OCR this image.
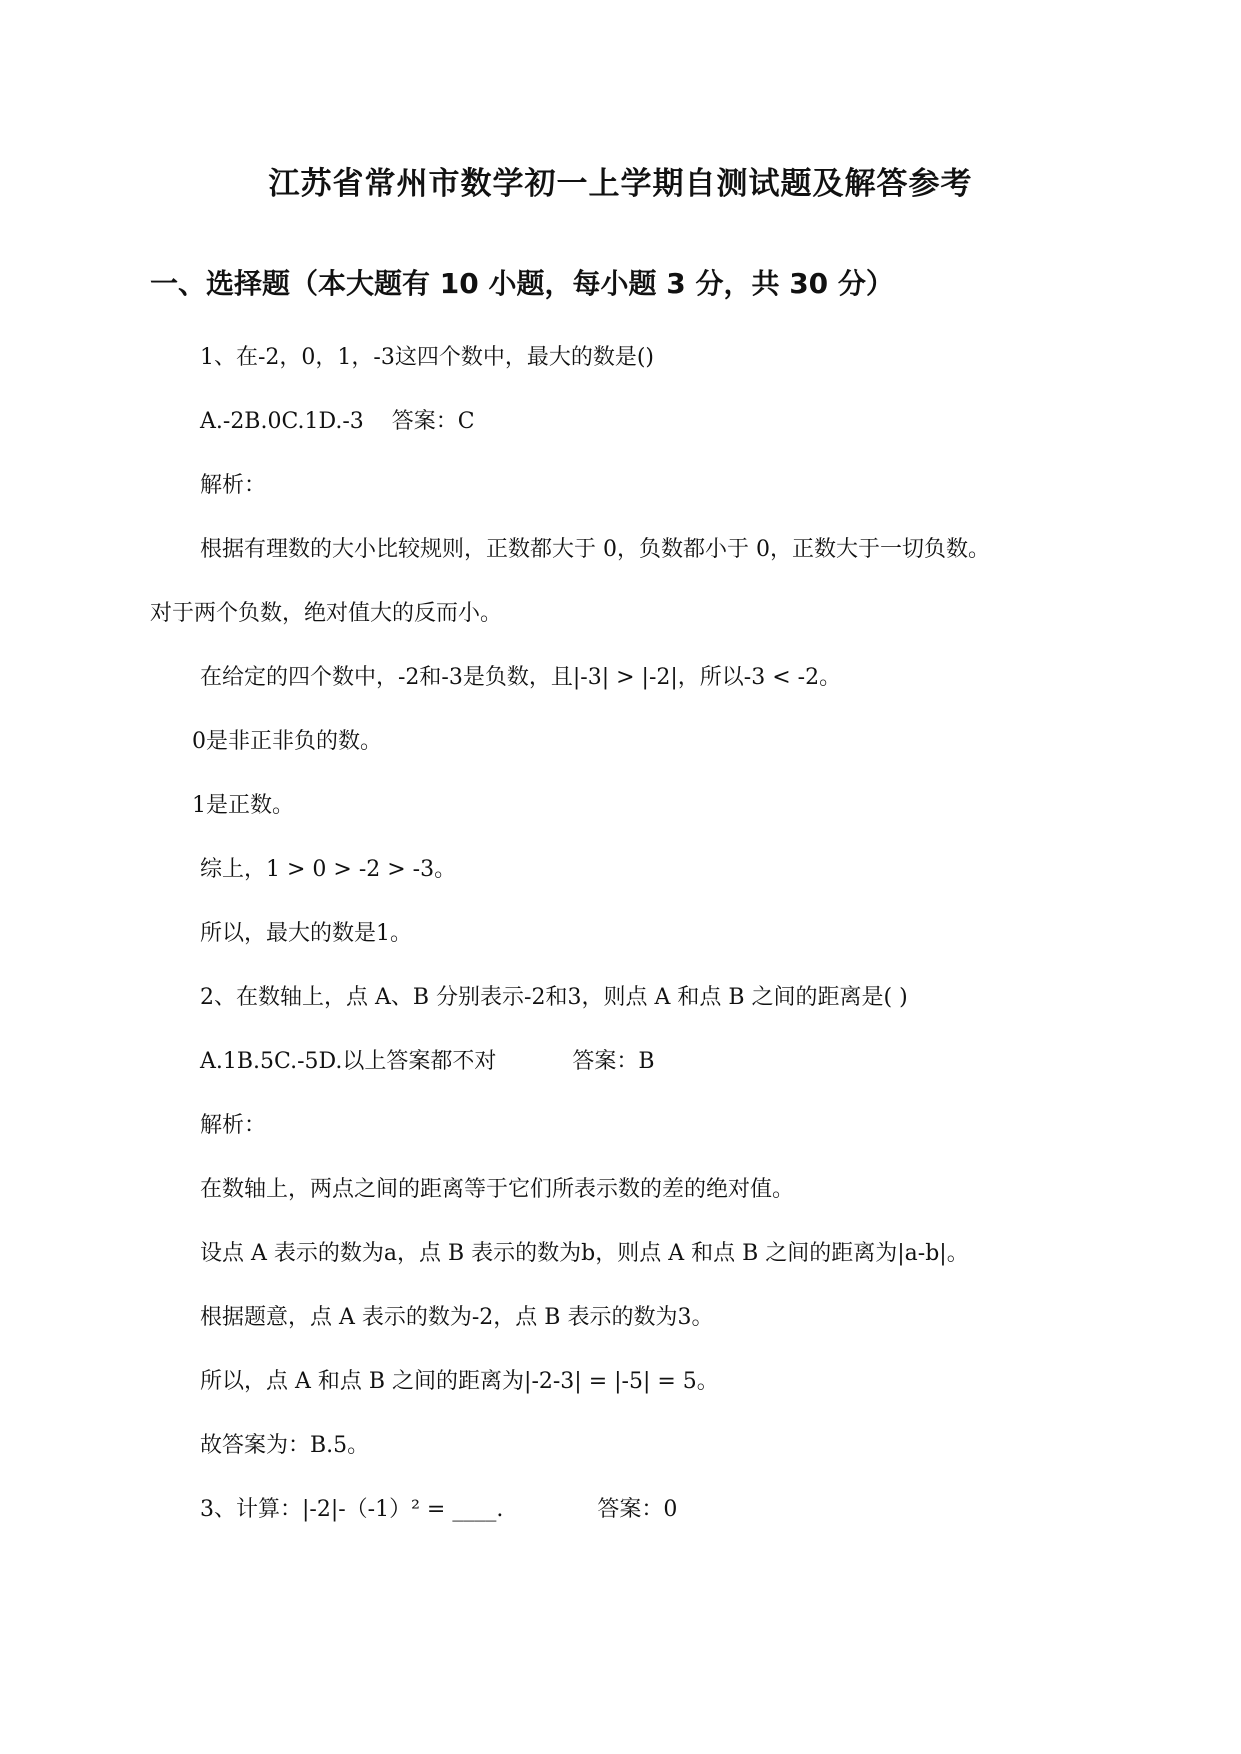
江苏省常州市数学初一上学期自测试题及解答参考
一、选择题（本大题有 10 小题，每小题 3 分，共 30 分）
1、在-2，0，1，-3这四个数中，最大的数是()
A.-2B.0C.1D.-3 答案：C
解析：
根据有理数的大小比较规则，正数都大于 0，负数都小于 0，正数大于一切负数。
对于两个负数，绝对值大的反而小。
在给定的四个数中，-2和-3是负数，且|-3| > |-2|，所以-3 < -2。
0是非正非负的数。
1是正数。
综上，1 > 0 > -2 > -3。
所以，最大的数是1。
2、在数轴上，点 A、B 分别表示-2和3，则点 A 和点 B 之间的距离是( )
A.1B.5C.-5D.以上答案都不对	答案：B
解析：
在数轴上，两点之间的距离等于它们所表示数的差的绝对值。
设点 A 表示的数为a，点 B 表示的数为b，则点 A 和点 B 之间的距离为|a-b|。
根据题意，点 A 表示的数为-2，点 B 表示的数为3。
所以，点 A 和点 B 之间的距离为|-2-3| = |-5| = 5。
故答案为：B.5。
3、计算：|-2|-（-1）² = ____.	答案：0
